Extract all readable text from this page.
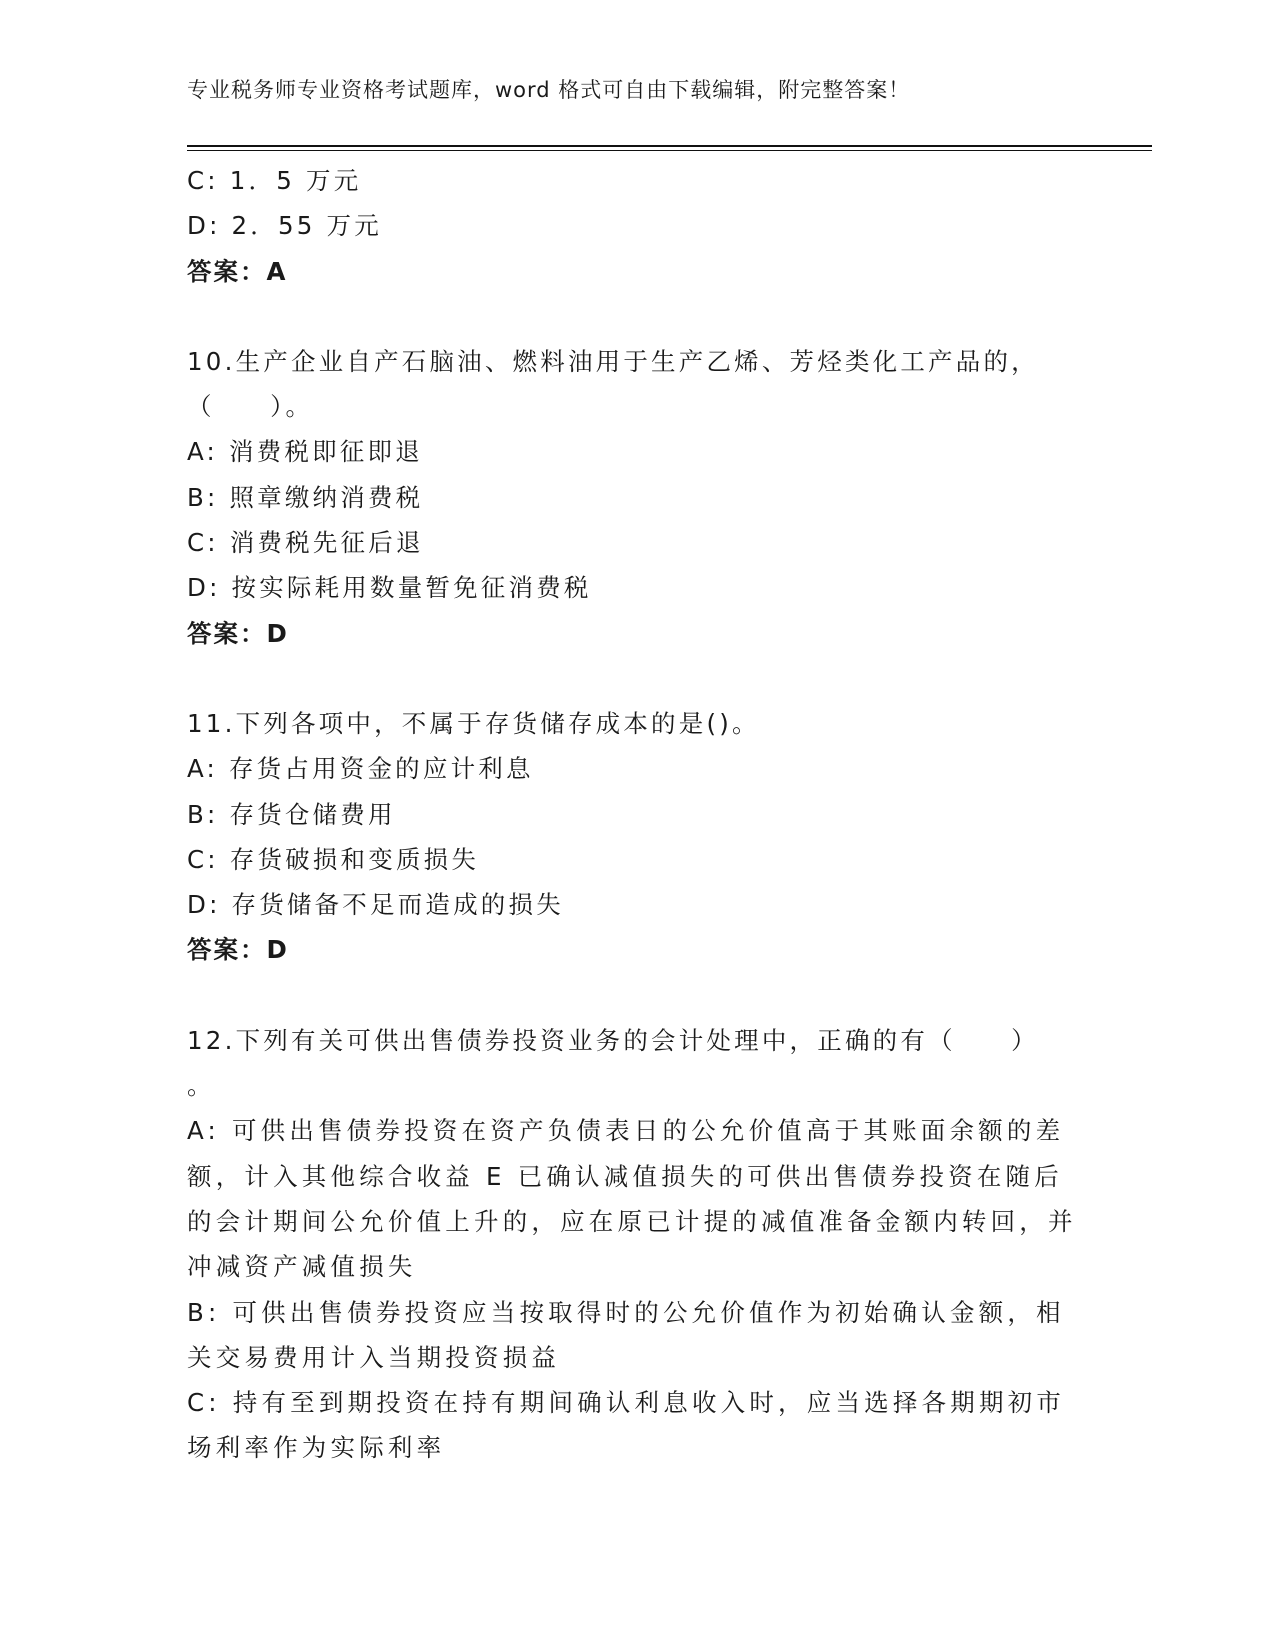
专业税务师专业资格考试题库，word 格式可自由下载编辑，附完整答案！
C: 1．5 万元
D: 2．55 万元
答案：A
10.生产企业自产石脑油、燃料油用于生产乙烯、芳烃类化工产品的，
（　　）。
A: 消费税即征即退
B: 照章缴纳消费税
C: 消费税先征后退
D: 按实际耗用数量暂免征消费税
答案：D
11.下列各项中，不属于存货储存成本的是()。
A: 存货占用资金的应计利息
B: 存货仓储费用
C: 存货破损和变质损失
D: 存货储备不足而造成的损失
答案：D
12.下列有关可供出售债券投资业务的会计处理中，正确的有（　　）
。
A: 可供出售债券投资在资产负债表日的公允价值高于其账面余额的差额，计入其他综合收益 E 已确认减值损失的可供出售债券投资在随后的会计期间公允价值上升的，应在原已计提的减值准备金额内转回，并冲减资产减值损失
B: 可供出售债券投资应当按取得时的公允价值作为初始确认金额，相关交易费用计入当期投资损益
C: 持有至到期投资在持有期间确认利息收入时，应当选择各期期初市场利率作为实际利率
